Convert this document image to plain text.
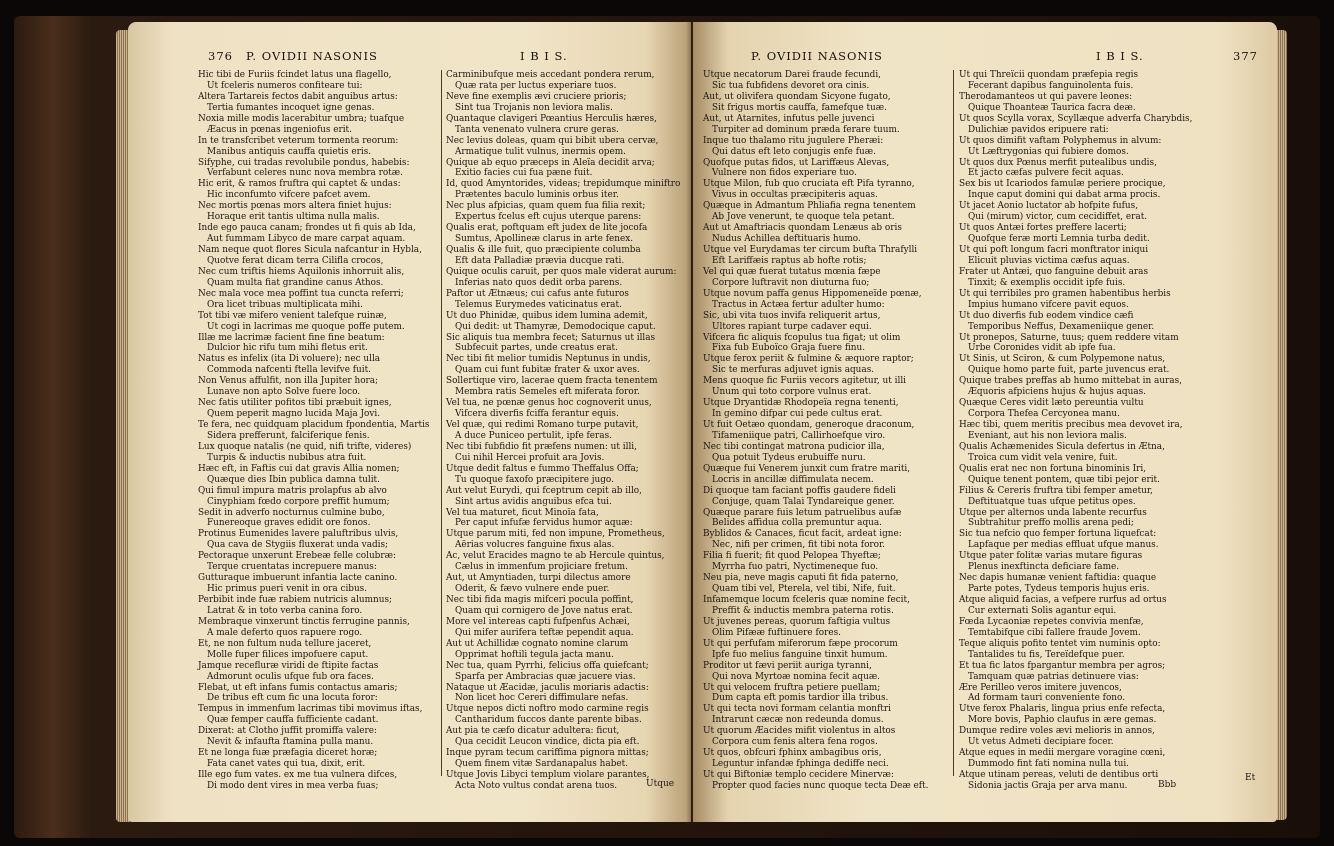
376 P. OVIDII NASONIS	I B I S.
Hic tibi de Furiis fcindet latus una flagello,
Ut fceleris numeros confiteare tui:
Altera Tartareis fectos dabit anguibus artus:
Tertia fumantes incoquet igne genas.
Noxia mille modis lacerabitur umbra; tuafque
Æacus in pœnas ingeniofus erit.
In te transfcribet veterum tormenta reorum:
Manibus antiquis cauffa quietis eris.
Sifyphe, cui tradas revolubile pondus, habebis:
Verfabunt celeres nunc nova membra rotæ.
Hic erit, & ramos fruftra qui captet & undas:
Hic inconfumto vifcere pafcet avem.
Nec mortis pœnas mors altera finiet hujus:
Horaque erit tantis ultima nulla malis.
Inde ego pauca canam; frondes ut fi quis ab Ida,
Aut fummam Libyco de mare carpat aquam.
Nam neque quot flores Sicula nafcantur in Hybla,
Quotve ferat dicam terra Cilifla crocos,
Nec cum triftis hiems Aquilonis inhorruit alis,
Quam multa fiat grandine canus Athos.
Nec mala voce mea poffint tua cuncta referri;
Ora licet tribuas multiplicata mihi.
Tot tibi væ mifero venient talefque ruinæ,
Ut cogi in lacrimas me quoque poffe putem.
Illæ me lacrimæ facient fine fine beatum:
Dulcior hic rifu tum mihi fletus erit.
Natus es infelix (ita Di voluere); nec ulla
Commoda nafcenti ftella levifve fuit.
Non Venus affulfit, non illa Jupiter hora;
Lunave non apto Solve fuere loco.
Nec fatis utiliter pofitos tibi præbuit ignes,
Quem peperit magno lucida Maja Jovi.
Te fera, nec quidquam placidum fpondentia, Martis
Sidera prefferunt, falciferique fenis.
Lux quoque natalis (ne quid, nifi trifte, videres)
Turpis & inductis nubibus atra fuit.
Hæc eft, in Faftis cui dat gravis Allia nomen;
Quæque dies Ibin publica damna tulit.
Qui fimul impura matris prolapfus ab alvo
Cinyphiam fœdo corpore preffit humum;
Sedit in adverfo nocturnus culmine bubo,
Funereoque graves edidit ore fonos.
Protinus Eumenides lavere paluftribus ulvis,
Qua cava de Stygiis fluxerat unda vadis;
Pectoraque unxerunt Erebeæ felle colubræ:
Terque cruentatas increpuere manus:
Gutturaque imbuerunt infantia lacte canino.
Hic primus pueri venit in ora cibus.
Perbibit inde fuæ rabiem nutricis alumnus;
Latrat & in toto verba canina foro.
Membraque vinxerunt tinctis ferrugine pannis,
A male deferto quos rapuere rogo.
Et, ne non fultum nuda tellure jaceret,
Molle fuper filices impofuere caput.
Jamque recefluræ viridi de ftipite factas
Admorunt oculis ufque fub ora faces.
Flebat, ut eft infans fumis contactus amaris;
De tribus eft cum fic una locuta foror:
Tempus in immenfum lacrimas tibi movimus iftas,
Quæ femper cauffa fufficiente cadant.
Dixerat: at Clotho juffit promiffa valere:
Nevit & infaufta ftamina pulla manu.
Et ne longa fuæ præfagia diceret horæ;
Fata canet vates qui tua, dixit, erit.
Ille ego fum vates. ex me tua vulnera difces,
Di modo dent vires in mea verba fuas;
Carminibufque meis accedant pondera rerum,
Quæ rata per luctus experiare tuos.
Neve fine exemplis ævi cruciere prioris;
Sint tua Trojanis non leviora malis.
Quantaque clavigeri Pœantius Herculis hæres,
Tanta venenato vulnera crure geras.
Nec levius doleas, quam qui bibit ubera cervæ,
Armatique tulit vulnus, inermis opem.
Quique ab equo præceps in Aleïa decidit arva;
Exitio facies cui fua pæne fuit.
Id, quod Amyntorides, videas; trepidumque miniftro
Prætentes baculo luminis orbus iter.
Nec plus afpicias, quam quem fua filia rexit;
Expertus fcelus eft cujus uterque parens:
Qualis erat, poftquam eft judex de lite jocofa
Sumtus, Apollineæ clarus in arte fenex.
Qualis & ille fuit, quo præcipiente columba
Eft data Palladiæ prævia ducque rati.
Quique oculis caruit, per quos male viderat aurum:
Inferias nato quos dedit orba parens.
Paftor ut Ætnæus; cui cafus ante futuros
Telemus Eurymedes vaticinatus erat.
Ut duo Phinidæ, quibus idem lumina ademit,
Qui dedit: ut Thamyræ, Demodocique caput.
Sic aliquis tua membra fecet; Saturnus ut illas
Subfecuit partes, unde creatus erat.
Nec tibi fit melior tumidis Neptunus in undis,
Quam cui funt fubitæ frater & uxor aves.
Sollertique viro, lacerae quem fracta tenentem
Membra ratis Semeles eft miferata foror.
Vel tua, ne pœnæ genus hoc cognoverit unus,
Vifcera diverfis fciffa ferantur equis.
Vel quæ, qui redimi Romano turpe putavit,
A duce Puniceo pertulit, ipfe feras.
Nec tibi fubfidio fit præfens numen: ut illi,
Cui nihil Hercei profuit ara Jovis.
Utque dedit faltus e fummo Theffalus Offa;
Tu quoque faxofo præcipitere jugo.
Aut velut Eurydi, qui fceptrum cepit ab illo,
Sint artus avidis anguibus efca tui.
Vel tua maturet, ficut Minoïa fata,
Per caput infufæ fervidus humor aquæ:
Utque parum miti, fed non impune, Prometheus,
Aërias volucres fanguine fixus alas.
Ac, velut Eracides magno te ab Hercule quintus,
Cælus in immenfum projiciare fretum.
Aut, ut Amyntiaden, turpi dilectus amore
Oderit, & fævo vulnere ende puer.
Nec tibi fida magis mifceri pocula poffint,
Quam qui cornigero de Jove natus erat.
More vel intereas capti fufpenfus Achæi,
Qui mifer aurifera teftæ pependit aqua.
Aut ut Achillidæ cognato nomine clarum
Opprimat hoftili tegula jacta manu.
Nec tua, quam Pyrrhi, felicius offa quiefcant;
Sparfa per Ambracias quæ jacuere vias.
Nataque ut Æacidæ, jaculis moriaris adactis:
Non licet hoc Cereri diffimulare nefas.
Utque nepos dicti noftro modo carmine regis
Cantharidum fuccos dante parente bibas.
Aut pia te cæfo dicatur adultera: ficut,
Qua cecidit Leucon vindice, dicta pia eft.
Inque pyram tecum cariffima pignora mittas;
Quem finem vitæ Sardanapalus habet.
Utque Jovis Libyci templum violare parantes,
Acta Noto vultus condat arena tuos.	Utque
P. OVIDII NASONIS	I B I S.	377
Utque necatorum Darei fraude fecundi,
Sic tua fubfidens devoret ora cinis.
Aut, ut olivifera quondam Sicyone fugato,
Sit frigus mortis cauffa, famefque tuæ.
Aut, ut Atarnites, infutus pelle juvenci
Turpiter ad dominum præda ferare tuum.
Inque tuo thalamo ritu jugulere Pheræi:
Qui datus eft leto conjugis enfe fuæ.
Quofque putas fidos, ut Lariffæus Alevas,
Vulnere non fidos experiare tuo.
Utque Milon, fub quo cruciata eft Pifa tyranno,
Vivus in occultas præcipiteris aquas.
Quæque in Admantum Phliafia regna tenentem
Ab Jove venerunt, te quoque tela petant.
Aut ut Amaftriacis quondam Lenæus ab oris
Nudus Achillea deftituaris humo.
Utque vel Eurydamas ter circum bufta Thrafylli
Eft Lariffæis raptus ab hofte rotis;
Vel qui quæ fuerat tutatus mœnia fæpe
Corpore luftravit non diuturna fuo;
Utque novum paffa genus Hippomeneïde pœnæ,
Tractus in Actæa fertur adulter humo:
Sic, ubi vita tuos invifa reliquerit artus,
Ultores rapiant turpe cadaver equi.
Vifcera fic aliquis fcopulus tua figat; ut olim
Fixa fub Euboïco Graja fuere finu.
Utque ferox periit & fulmine & æquore raptor;
Sic te merfuras adjuvet ignis aquas.
Mens quoque fic Furiis vecors agitetur, ut illi
Unum qui toto corpore vulnus erat.
Utque Dryantidæ Rhodopeïa regna tenenti,
In gemino difpar cui pede cultus erat.
Ut fuit Oetæo quondam, generoque draconum,
Tifameniique patri, Callirhoefque viro.
Nec tibi contingat matrona pudicior illa,
Qua potuit Tydeus erubuiffe nuru.
Quæque fui Venerem junxit cum fratre mariti,
Locris in ancillæ diffimulata necem.
Di quoque tam faciant poffis gaudere fideli
Conjuge, quam Talai Tyndareique gener.
Quæque parare fuis letum patruelibus aufæ
Belides affidua colla premuntur aqua.
Byblidos & Canaces, ficut facit, ardeat igne:
Nec, nifi per crimen, fit tibi nota foror.
Filia fi fuerit; fit quod Pelopea Thyeftæ;
Myrrha fuo patri, Nyctimeneque fuo.
Neu pia, neve magis caputi fit fida paterno,
Quam tibi vel, Pterela, vel tibi, Nife, fuit.
Infamemque locum fceleris quæ nomine fecit,
Preffit & inductis membra paterna rotis.
Ut juvenes pereas, quorum faftigia vultus
Olim Pifææ fuftinuere fores.
Ut qui perfufam miferorum fæpe procorum
Ipfe fuo melius fanguine tinxit humum.
Proditor ut fævi periit auriga tyranni,
Qui nova Myrtoæ nomina fecit aquæ.
Ut qui velocem fruftra petiere puellam;
Dum capta eft pomis tardior illa tribus.
Ut qui tecta novi formam celantia monftri
Intrarunt cæcæ non redeunda domus.
Ut quorum Æacides mifit violentus in altos
Corpora cum fenis altera fena rogos.
Ut quos, obfcuri fphinx ambagibus oris,
Leguntur infandæ fphinga dediffe neci.
Ut qui Biftoniæ templo cecidere Minervæ:
Propter quod facies nunc quoque tecta Deæ eft.
Ut qui Threïcii quondam præfepia regis
Fecerant dapibus fanguinolenta fuis.
Therodamanteos ut qui pavere leones:
Quique Thoanteæ Taurica facra deæ.
Ut quos Scylla vorax, Scyllæque adverfa Charybdis,
Dulichiæ pavidos eripuere rati:
Ut quos dimifit vaftam Polyphemus in alvum:
Ut Læftrygonias qui fubiere domos.
Ut quos dux Pœnus merfit putealibus undis,
Et jacto cæfas pulvere fecit aquas.
Sex bis ut Icariodos famulæ periere procique,
Inque caput domini qui dabat arma procis.
Ut jacet Aonio luctator ab hofpite fufus,
Qui (mirum) victor, cum cecidiffet, erat.
Ut quos Antæi fortes preffere lacerti;
Quofque feræ morti Lemnia turba dedit.
Ut qui poft longum facri monftrator iniqui
Elicuit pluvias victima cæfus aquas.
Frater ut Antæi, quo fanguine debuit aras
Tinxit; & exemplis occidit ipfe fuis.
Ut qui terribiles pro gramen habentibus herbis
Impius humano vifcere pavit equos.
Ut duo diverfis fub eodem vindice cæfi
Temporibus Neffus, Dexameniique gener.
Ut pronepos, Saturne, tuus; quem reddere vitam
Urbe Coronides vidit ab ipfe fua.
Ut Sinis, ut Sciron, & cum Polypemone natus,
Quique homo parte fuit, parte juvencus erat.
Quique trabes preffas ab humo mittebat in auras,
Æquoris afpiciens hujus & hujus aquas.
Quæque Ceres vidit læto pereuntia vultu
Corpora Thefea Cercyonea manu.
Hæc tibi, quem meritis precibus mea devovet ira,
Eveniant, aut his non leviora malis.
Qualis Achæmenides Sicula defertus in Ætna,
Troica cum vidit vela venire, fuit.
Qualis erat nec non fortuna binominis Iri,
Quique tenent pontem, quæ tibi pejor erit.
Filius & Cereris fruftra tibi femper ametur,
Deftituatque tuas ufque petitus opes.
Utque per alternos unda labente recurfus
Subtrahitur preffo mollis arena pedi;
Sic tua nefcio quo femper fortuna liquefcat:
Lapfaque per medias effluat ufque manus.
Utque pater folitæ varias mutare figuras
Plenus inexftincta deficiare fame.
Nec dapis humanæ venient faftidia: quaque
Parte potes, Tydeus temporis hujus eris.
Atque aliquid facias, a vefpere rurfus ad ortus
Cur externati Solis agantur equi.
Fœda Lycaoniæ repetes convivia menfæ,
Temtabifque cibi fallere fraude Jovem.
Teque aliquis pofito tentet vim numinis opto:
Tantalides tu fis, Tereïdefque puer.
Et tua fic latos fpargantur membra per agros;
Tamquam quæ patrias detinuere vias:
Ære Perilleo veros imitere juvencos,
Ad formam tauri conveniente fono.
Utve ferox Phalaris, lingua prius enfe refecta,
More bovis, Paphio claufus in ære gemas.
Dumque redire voles ævi melioris in annos,
Ut vetus Admeti decipiare focer.
Atque eques in medii mergare voragine cœni,
Dummodo fint fati nomina nulla tui.
Atque utinam pereas, veluti de dentibus orti
Sidonia jactis Graja per arva manu.	Bbb
Et
